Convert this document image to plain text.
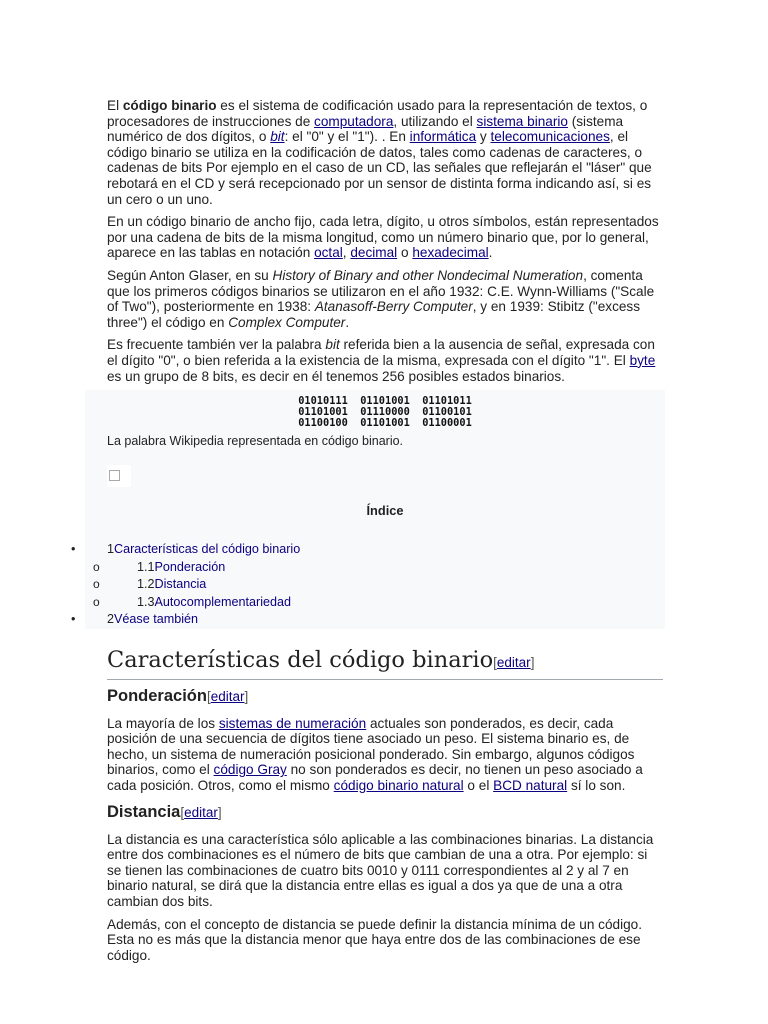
El código binario es el sistema de codificación usado para la representación de textos, o procesadores de instrucciones de computadora, utilizando el sistema binario (sistema numérico de dos dígitos, o bit: el "0" y el "1"). . En informática y telecomunicaciones, el código binario se utiliza en la codificación de datos, tales como cadenas de caracteres, o cadenas de bits Por ejemplo en el caso de un CD, las señales que reflejarán el "láser" que rebotará en el CD y será recepcionado por un sensor de distinta forma indicando así, si es un cero o un uno.

En un código binario de ancho fijo, cada letra, dígito, u otros símbolos, están representados por una cadena de bits de la misma longitud, como un número binario que, por lo general, aparece en las tablas en notación octal, decimal o hexadecimal.

Según Anton Glaser, en su History of Binary and other Nondecimal Numeration, comenta que los primeros códigos binarios se utilizaron en el año 1932: C.E. Wynn-Williams ("Scale of Two"), posteriormente en 1938: Atanasoff-Berry Computer, y en 1939: Stibitz ("excess three") el código en Complex Computer.

Es frecuente también ver la palabra bit referida bien a la ausencia de señal, expresada con el dígito "0", o bien referida a la existencia de la misma, expresada con el dígito "1". El byte es un grupo de 8 bits, es decir en él tenemos 256 posibles estados binarios.

01010111  01101001  01101011
01101001  01110000  01100101
01100100  01101001  01100001
La palabra Wikipedia representada en código binario.
Índice
•	1Características del código binario
o	1.1Ponderación
o	1.2Distancia
o	1.3Autocomplementariedad
•	2Véase también
Características del código binario[editar]
Ponderación[editar]

La mayoría de los sistemas de numeración actuales son ponderados, es decir, cada posición de una secuencia de dígitos tiene asociado un peso. El sistema binario es, de hecho, un sistema de numeración posicional ponderado. Sin embargo, algunos códigos binarios, como el código Gray no son ponderados es decir, no tienen un peso asociado a cada posición. Otros, como el mismo código binario natural o el BCD natural sí lo son.

Distancia[editar]

La distancia es una característica sólo aplicable a las combinaciones binarias. La distancia entre dos combinaciones es el número de bits que cambian de una a otra. Por ejemplo: si se tienen las combinaciones de cuatro bits 0010 y 0111 correspondientes al 2 y al 7 en binario natural, se dirá que la distancia entre ellas es igual a dos ya que de una a otra cambian dos bits.

Además, con el concepto de distancia se puede definir la distancia mínima de un código. Esta no es más que la distancia menor que haya entre dos de las combinaciones de ese código.
